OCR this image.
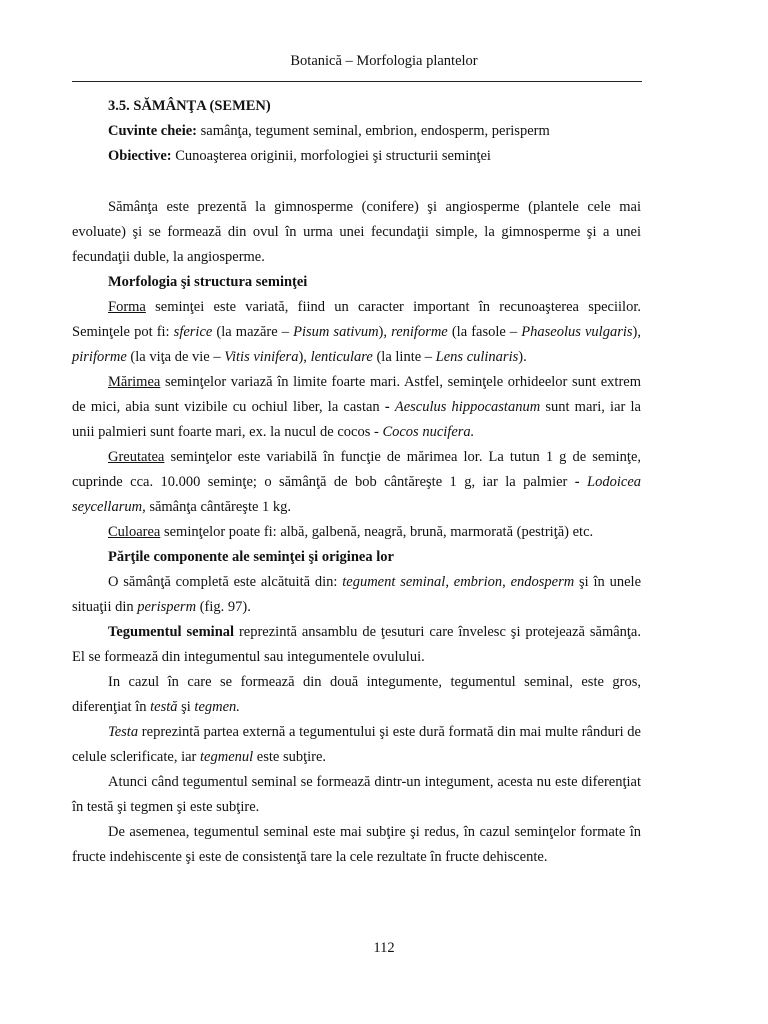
Botanică – Morfologia plantelor

3.5. SĂMÂNŢA (SEMEN)

Cuvinte cheie: samânţa, tegument seminal, embrion, endosperm, perisperm

Obiective: Cunoaşterea originii, morfologiei şi structurii seminţei

Sămânţa este prezentă la gimnosperme (conifere) şi angiosperme (plantele cele mai evoluate) şi se formează din ovul în urma unei fecundaţii simple, la gimnosperme şi a unei fecundaţii duble, la angiosperme.

Morfologia şi structura seminţei

Forma seminţei este variată, fiind un caracter important în recunoaşterea speciilor. Seminţele pot fi: sferice (la mazăre – Pisum sativum), reniforme (la fasole – Phaseolus vulgaris), piriforme (la viţa de vie – Vitis vinifera), lenticulare (la linte – Lens culinaris).

Mărimea seminţelor variază în limite foarte mari. Astfel, seminţele orhideelor sunt extrem de mici, abia sunt vizibile cu ochiul liber, la castan - Aesculus hippocastanum sunt mari, iar la unii palmieri sunt foarte mari, ex. la nucul de cocos - Cocos nucifera.

Greutatea seminţelor este variabilă în funcţie de mărimea lor. La tutun 1 g de seminţe, cuprinde cca. 10.000 seminţe; o sămânţă de bob cântăreşte 1 g, iar la palmier - Lodoicea seycellarum, sămânţa cântăreşte 1 kg.

Culoarea seminţelor poate fi: albă, galbenă, neagră, brună, marmorată (pestriţă) etc.

Părţile componente ale seminţei şi originea lor

O sămânţă completă este alcătuită din: tegument seminal, embrion, endosperm şi în unele situaţii din perisperm (fig. 97).

Tegumentul seminal reprezintă ansamblu de ţesuturi care învelesc şi protejează sămânţa. El se formează din integumentul sau integumentele ovulului.

In cazul în care se formează din două integumente, tegumentul seminal, este gros, diferenţiat în testă şi tegmen.

Testa reprezintă partea externă a tegumentului şi este dură formată din mai multe rânduri de celule sclerificate, iar tegmenul este subţire.

Atunci când tegumentul seminal se formează dintr-un integument, acesta nu este diferenţiat în testă şi tegmen şi este subţire.

De asemenea, tegumentul seminal este mai subţire şi redus, în cazul seminţelor formate în fructe indehiscente şi este de consistenţă tare la cele rezultate în fructe dehiscente.

112
